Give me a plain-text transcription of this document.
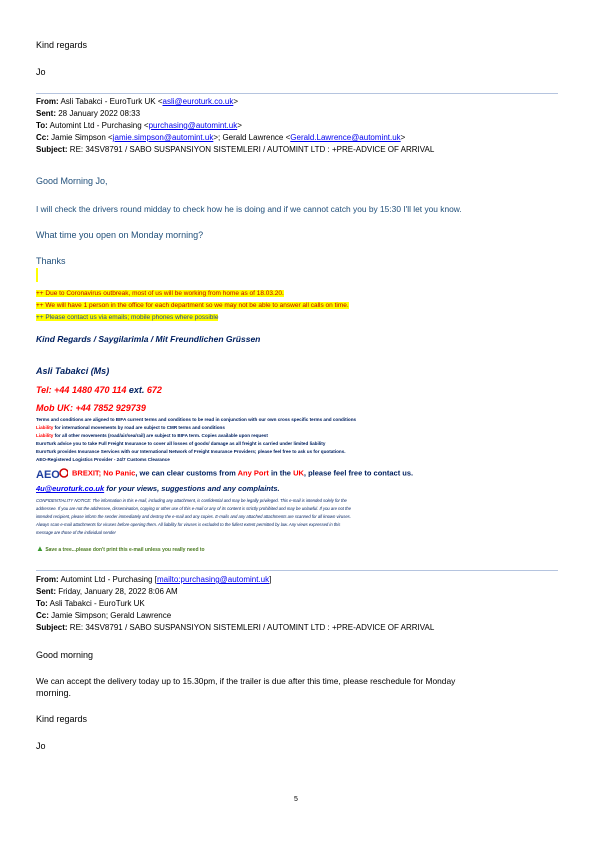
Kind regards
Jo
From: Asli Tabakci - EuroTurk UK <asli@euroturk.co.uk>
Sent: 28 January 2022 08:33
To: Automint Ltd - Purchasing <purchasing@automint.uk>
Cc: Jamie Simpson <jamie.simpson@automint.uk>; Gerald Lawrence <Gerald.Lawrence@automint.uk>
Subject: RE: 34SV8791 / SABO SUSPANSIYON SISTEMLERI / AUTOMINT LTD : +PRE-ADVICE OF ARRIVAL
Good Morning Jo,
I will check the drivers round midday to check how he is doing and if we cannot catch you by 15:30 I'll let you know.
What time you open on Monday morning?
Thanks
++ Due to Coronavirus outbreak, most of us will be working from home as of 18.03.20.
++ We will have 1 person in the office for each department so we may not be able to answer all calls on time.
++ Please contact us via emails; mobile phones where possible
Kind Regards / Saygilarimla / Mit Freundlichen Grüssen
Asli Tabakci (Ms)
Tel: +44 1480 470 114 ext. 672
Mob UK: +44 7852 929739
Terms and conditions are aligned to BIFA current terms and conditions to be read in conjunction with our own cross specific terms and conditions
Liability for international movements by road are subject to CMR terms and conditions
Liability for all other movements (road/air/sea/rail) are subject to BIFA term. Copies available upon request
EuroTurk advice you to take Full Freight Insurance to cover all losses of goods/ damage as all freight is carried under limited liability
EuroTurk provides Insurance Services with our International Network of Freight Insurance Providers; please feel free to ask us for quotations.
AEO-Registered Logistics Provider - 24/7 Customs Clearance
AEO BREXIT; No Panic, we can clear customs from Any Port in the UK, please feel free to contact us.
4u@euroturk.co.uk for your views, suggestions and any complaints.
CONFIDENTIALITY NOTICE: The information in this e-mail, including any attachment, is confidential and may be legally privileged. This e-mail is intended solely for the
addressee. If you are not the addressee, dissemination, copying or other use of this e-mail or any of its content is strictly prohibited and may be unlawful. If you are not the
intended recipient, please inform the sender immediately and destroy the e-mail and any copies. E-mails and any attached attachments are scanned for all known viruses.
Always scan e-mail attachments for viruses before opening them. All liability for viruses is excluded to the fullest extent permitted by law. Any views expressed in this
message are those of the individual sender
▲ Save a tree...please don't print this e-mail unless you really need to
From: Automint Ltd - Purchasing [mailto:purchasing@automint.uk]
Sent: Friday, January 28, 2022 8:06 AM
To: Asli Tabakci - EuroTurk UK
Cc: Jamie Simpson; Gerald Lawrence
Subject: RE: 34SV8791 / SABO SUSPANSIYON SISTEMLERI / AUTOMINT LTD : +PRE-ADVICE OF ARRIVAL
Good morning
We can accept the delivery today up to 15.30pm, if the trailer is due after this time, please reschedule for Monday
morning.
Kind regards
Jo
5
